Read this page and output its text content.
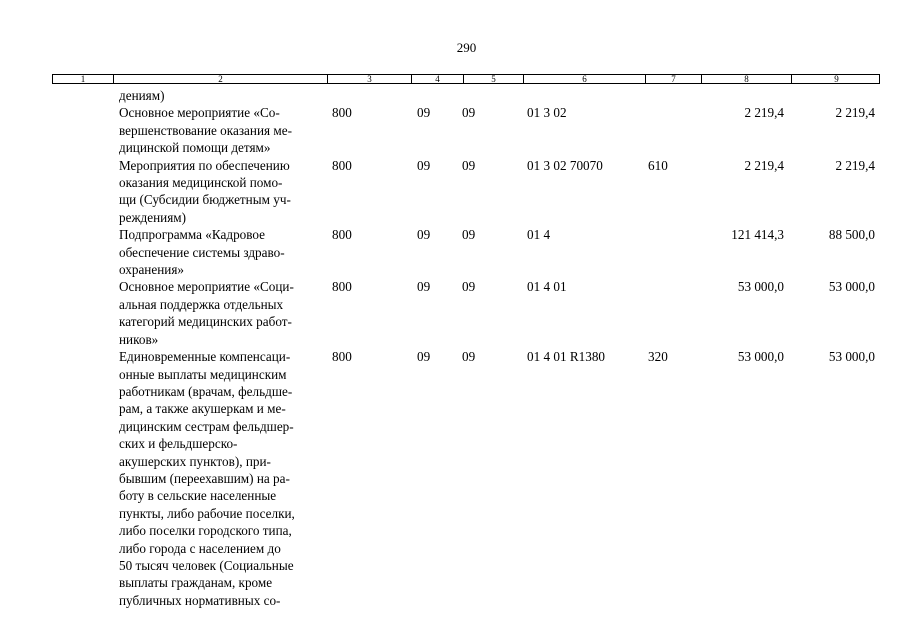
290
1	2	3	4	5	6	7	8	9
дениям)
Основное мероприятие «Со-
вершенствование оказания ме-
дицинской помощи детям»
800	09 09	01 3 02	2 219,4	2 219,4
Мероприятия по обеспечению
оказания медицинской помо-
щи (Субсидии бюджетным уч-
реждениям)
800	09 09	01 3 02 70070	610	2 219,4	2 219,4
Подпрограмма «Кадровое
обеспечение системы здраво-
охранения»
800	09 09	01 4	121 414,3	88 500,0
Основное мероприятие «Соци-
альная поддержка отдельных
категорий медицинских работ-
ников»
800	09 09	01 4 01	53 000,0	53 000,0
Единовременные компенсаци-
онные выплаты медицинским
работникам (врачам, фельдше-
рам, а также акушеркам и ме-
дицинским сестрам фельдшер-
ских и фельдшерско-
акушерских пунктов), при-
бывшим (переехавшим) на ра-
боту в сельские населенные
пункты, либо рабочие поселки,
либо поселки городского типа,
либо города с населением до
50 тысяч человек (Социальные
выплаты гражданам, кроме
публичных нормативных со-
800	09 09	01 4 01 R1380	320	53 000,0	53 000,0
